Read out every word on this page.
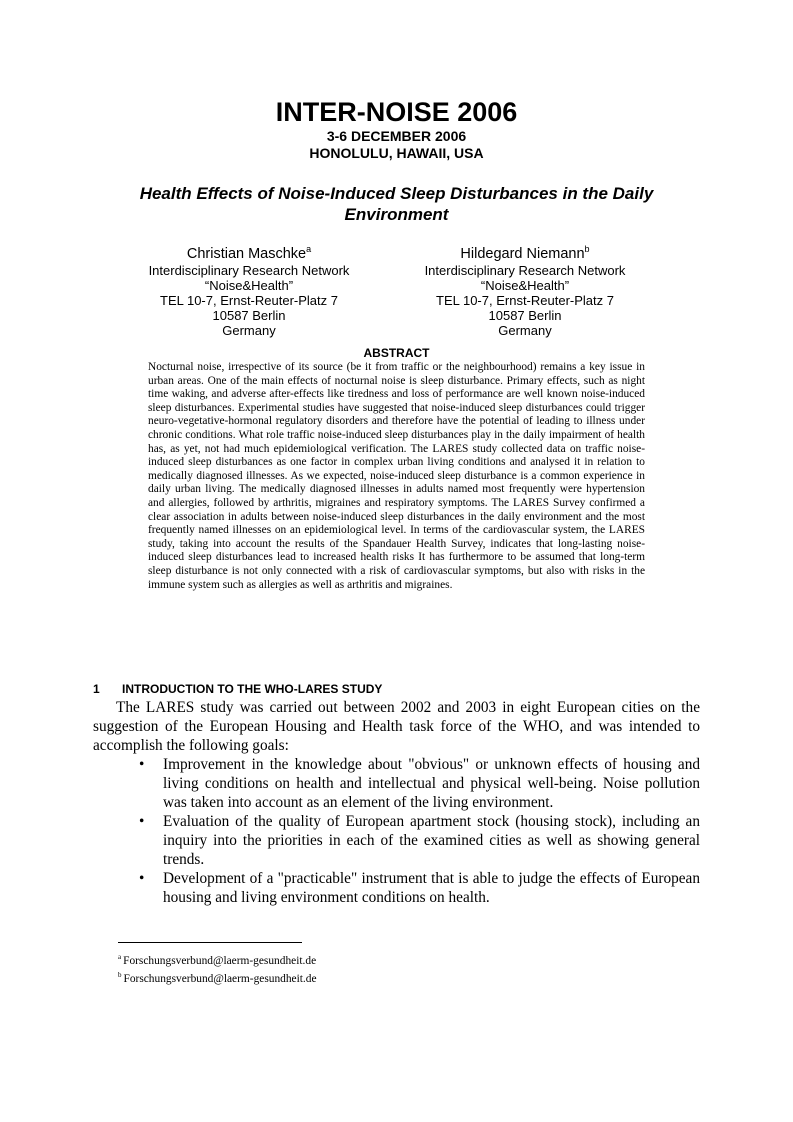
INTER-NOISE 2006
3-6 DECEMBER 2006
HONOLULU, HAWAII, USA
Health Effects of Noise-Induced Sleep Disturbances in the Daily Environment
Christian Maschke$^a$
Interdisciplinary Research Network
“Noise&Health”
TEL 10-7, Ernst-Reuter-Platz 7
10587 Berlin
Germany
Hildegard Niemann$^b$
Interdisciplinary Research Network
“Noise&Health”
TEL 10-7, Ernst-Reuter-Platz 7
10587 Berlin
Germany
ABSTRACT
Nocturnal noise, irrespective of its source (be it from traffic or the neighbourhood) remains a key issue in urban areas. One of the main effects of nocturnal noise is sleep disturbance. Primary effects, such as night time waking, and adverse after-effects like tiredness and loss of performance are well known noise-induced sleep disturbances. Experimental studies have suggested that noise-induced sleep disturbances could trigger neuro-vegetative-hormonal regulatory disorders and therefore have the potential of leading to illness under chronic conditions. What role traffic noise-induced sleep disturbances play in the daily impairment of health has, as yet, not had much epidemiological verification. The LARES study collected data on traffic noise-induced sleep disturbances as one factor in complex urban living conditions and analysed it in relation to medically diagnosed illnesses. As we expected, noise-induced sleep disturbance is a common experience in daily urban living. The medically diagnosed illnesses in adults named most frequently were hypertension and allergies, followed by arthritis, migraines and respiratory symptoms. The LARES Survey confirmed a clear association in adults between noise-induced sleep disturbances in the daily environment and the most frequently named illnesses on an epidemiological level. In terms of the cardiovascular system, the LARES study, taking into account the results of the Spandauer Health Survey, indicates that long-lasting noise-induced sleep disturbances lead to increased health risks It has furthermore to be assumed that long-term sleep disturbance is not only connected with a risk of cardiovascular symptoms, but also with risks in the immune system such as allergies as well as arthritis and migraines.
1 INTRODUCTION TO THE WHO-LARES STUDY

The LARES study was carried out between 2002 and 2003 in eight European cities on the suggestion of the European Housing and Health task force of the WHO, and was intended to accomplish the following goals:

• Improvement in the knowledge about "obvious" or unknown effects of housing and living conditions on health and intellectual and physical well-being. Noise pollution was taken into account as an element of the living environment.
• Evaluation of the quality of European apartment stock (housing stock), including an inquiry into the priorities in each of the examined cities as well as showing general trends.
• Development of a "practicable" instrument that is able to judge the effects of European housing and living environment conditions on health.
$^a$ Forschungsverbund@laerm-gesundheit.de
$^b$ Forschungsverbund@laerm-gesundheit.de
